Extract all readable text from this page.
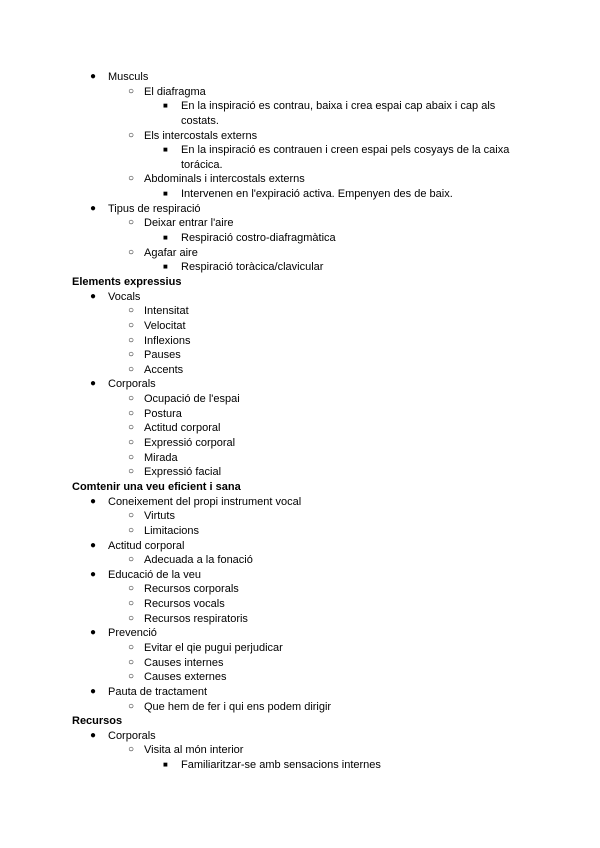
● Musculs
○ El diafragma
■ En la inspiració es contrau, baixa i crea espai cap abaix i cap als
costats.
○ Els intercostals externs
■ En la inspiració es contrauen i creen espai pels cosyays de la caixa
torácica.
○ Abdominals i intercostals externs
■ Intervenen en l'expiració activa. Empenyen des de baix.
● Tipus de respiració
○ Deixar entrar l'aire
■ Respiració costro-diafragmàtica
○ Agafar aire
■ Respiració toràcica/clavicular
Elements expressius
● Vocals
○ Intensitat
○ Velocitat
○ Inflexions
○ Pauses
○ Accents
● Corporals
○ Ocupació de l'espai
○ Postura
○ Actitud corporal
○ Expressió corporal
○ Mirada
○ Expressió facial
Comtenir una veu eficient i sana
● Coneixement del propi instrument vocal
○ Virtuts
○ Limitacions
● Actitud corporal
○ Adecuada a la fonació
● Educació de la veu
○ Recursos corporals
○ Recursos vocals
○ Recursos respiratoris
● Prevenció
○ Evitar el qie pugui perjudicar
○ Causes internes
○ Causes externes
● Pauta de tractament
○ Que hem de fer i qui ens podem dirigir
Recursos
● Corporals
○ Visita al món interior
■ Familiaritzar-se amb sensacions internes
